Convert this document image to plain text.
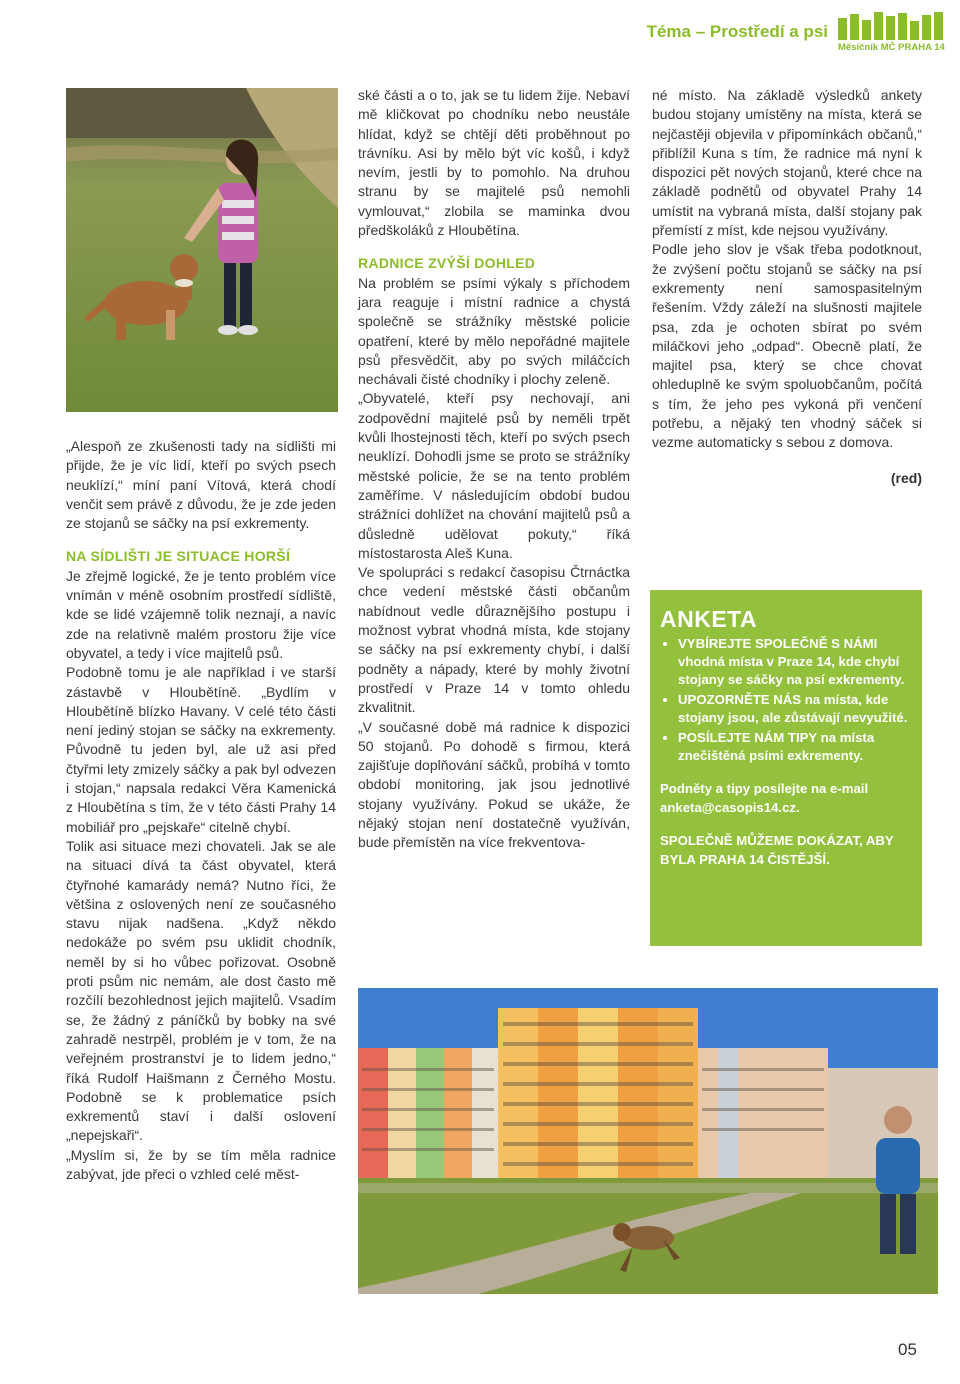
Téma – Prostředí a psi
Měsíčník MČ PRAHA 14

„Alespoň ze zkušenosti tady na sídlišti mi přijde, že je víc lidí, kteří po svých psech neuklízí,“ míní paní Vítová, která chodí venčit sem právě z důvodu, že je zde jeden ze stojanů se sáčky na psí exkrementy.

NA SÍDLIŠTI JE SITUACE HORŠÍ

Je zřejmě logické, že je tento problém více vnímán v méně osobním prostředí sídliště, kde se lidé vzájemně tolik neznají, a navíc zde na relativně malém prostoru žije více obyvatel, a tedy i více majitelů psů.

Podobně tomu je ale například i ve starší zástavbě v Hloubětíně. „Bydlím v Hloubětíně blízko Havany. V celé této části není jediný stojan se sáčky na exkrementy. Původně tu jeden byl, ale už asi před čtyřmi lety zmizely sáčky a pak byl odvezen i stojan,“ napsala redakci Věra Kamenická z Hloubětína s tím, že v této části Prahy 14 mobiliář pro „pejskaře“ citelně chybí.

Tolik asi situace mezi chovateli. Jak se ale na situaci dívá ta část obyvatel, která čtyřnohé kamarády nemá? Nutno říci, že většina z oslovených není ze současného stavu nijak nadšena. „Když někdo nedokáže po svém psu uklidit chodník, neměl by si ho vůbec pořizovat. Osobně proti psům nic nemám, ale dost často mě rozčílí bezohlednost jejich majitelů. Vsadím se, že žádný z páníčků by bobky na své zahradě nestrpěl, problém je v tom, že na veřejném prostranství je to lidem jedno,“ říká Rudolf Haišmann z Černého Mostu. Podobně se k problematice psích exkrementů staví i další oslovení „nepejskaři“.

„Myslím si, že by se tím měla radnice zabývat, jde přeci o vzhled celé měst-

ské části a o to, jak se tu lidem žije. Nebaví mě kličkovat po chodníku nebo neustále hlídat, když se chtějí děti proběhnout po trávníku. Asi by mělo být víc košů, i když nevím, jestli by to pomohlo. Na druhou stranu by se majitelé psů nemohli vymlouvat,“ zlobila se maminka dvou předškoláků z Hloubětína.

RADNICE ZVÝŠÍ DOHLED

Na problém se psími výkaly s příchodem jara reaguje i místní radnice a chystá společně se strážníky městské policie opatření, které by mělo nepořádné majitele psů přesvědčit, aby po svých miláčcích nechávali čisté chodníky i plochy zeleně.

„Obyvatelé, kteří psy nechovají, ani zodpovědní majitelé psů by neměli trpět kvůli lhostejnosti těch, kteří po svých psech neuklízí. Dohodli jsme se proto se strážníky městské policie, že se na tento problém zaměříme. V následujícím období budou strážníci dohlížet na chování majitelů psů a důsledně udělovat pokuty,“ říká místostarosta Aleš Kuna.

Ve spolupráci s redakcí časopisu Čtrnáctka chce vedení městské části občanům nabídnout vedle důraznějšího postupu i možnost vybrat vhodná místa, kde stojany se sáčky na psí exkrementy chybí, i další podněty a nápady, které by mohly životní prostředí v Praze 14 v tomto ohledu zkvalitnit.

„V současné době má radnice k dispozici 50 stojanů. Po dohodě s firmou, která zajišťuje doplňování sáčků, probíhá v tomto období monitoring, jak jsou jednotlivé stojany využívány. Pokud se ukáže, že nějaký stojan není dostatečně využíván, bude přemístěn na více frekventova-

né místo. Na základě výsledků ankety budou stojany umístěny na místa, která se nejčastěji objevila v připomínkách občanů,“ přiblížil Kuna s tím, že radnice má nyní k dispozici pět nových stojanů, které chce na základě podnětů od obyvatel Prahy 14 umístit na vybraná místa, další stojany pak přemístí z míst, kde nejsou využívány.

Podle jeho slov je však třeba podotknout, že zvýšení počtu stojanů se sáčky na psí exkrementy není samospasitelným řešením. Vždy záleží na slušnosti majitele psa, zda je ochoten sbírat po svém miláčkovi jeho „odpad“. Obecně platí, že majitel psa, který se chce chovat ohleduplně ke svým spoluobčanům, počítá s tím, že jeho pes vykoná při venčení potřebu, a nějaký ten vhodný sáček si vezme automaticky s sebou z domova.

(red)

ANKETA
• VYBÍREJTE SPOLEČNĚ S NÁMI vhodná místa v Praze 14, kde chybí stojany se sáčky na psí exkrementy.
• UPOZORNĚTE NÁS na místa, kde stojany jsou, ale zůstávají nevyužité.
• POSÍLEJTE NÁM TIPY na místa znečištěná psími exkrementy.
Podněty a tipy posílejte na e-mail anketa@casopis14.cz.
SPOLEČNĚ MŮŽEME DOKÁZAT, ABY BYLA PRAHA 14 ČISTĚJŠÍ.
05
